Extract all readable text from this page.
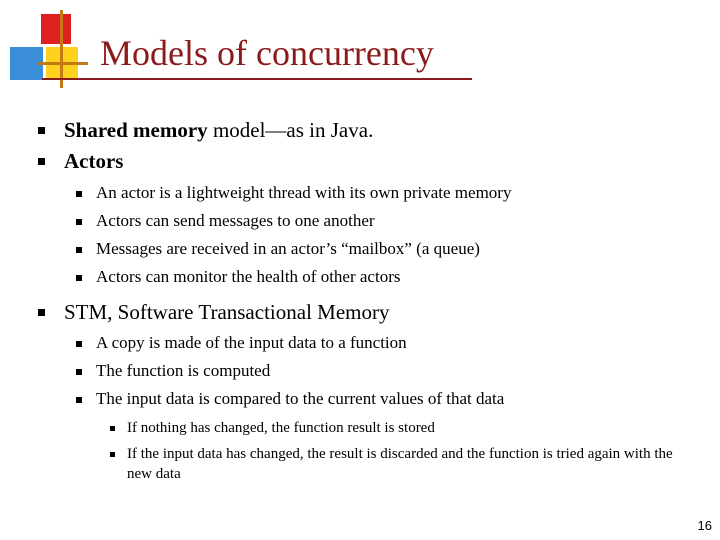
Models of concurrency
Shared memory model—as in Java.
Actors
An actor is a lightweight thread with its own private memory
Actors can send messages to one another
Messages are received in an actor’s “mailbox” (a queue)
Actors can monitor the health of other actors
STM, Software Transactional Memory
A copy is made of the input data to a function
The function is computed
The input data is compared to the current values of that data
If nothing has changed, the function result is stored
If the input data has changed, the result is discarded and the function is tried again with the new data
16
